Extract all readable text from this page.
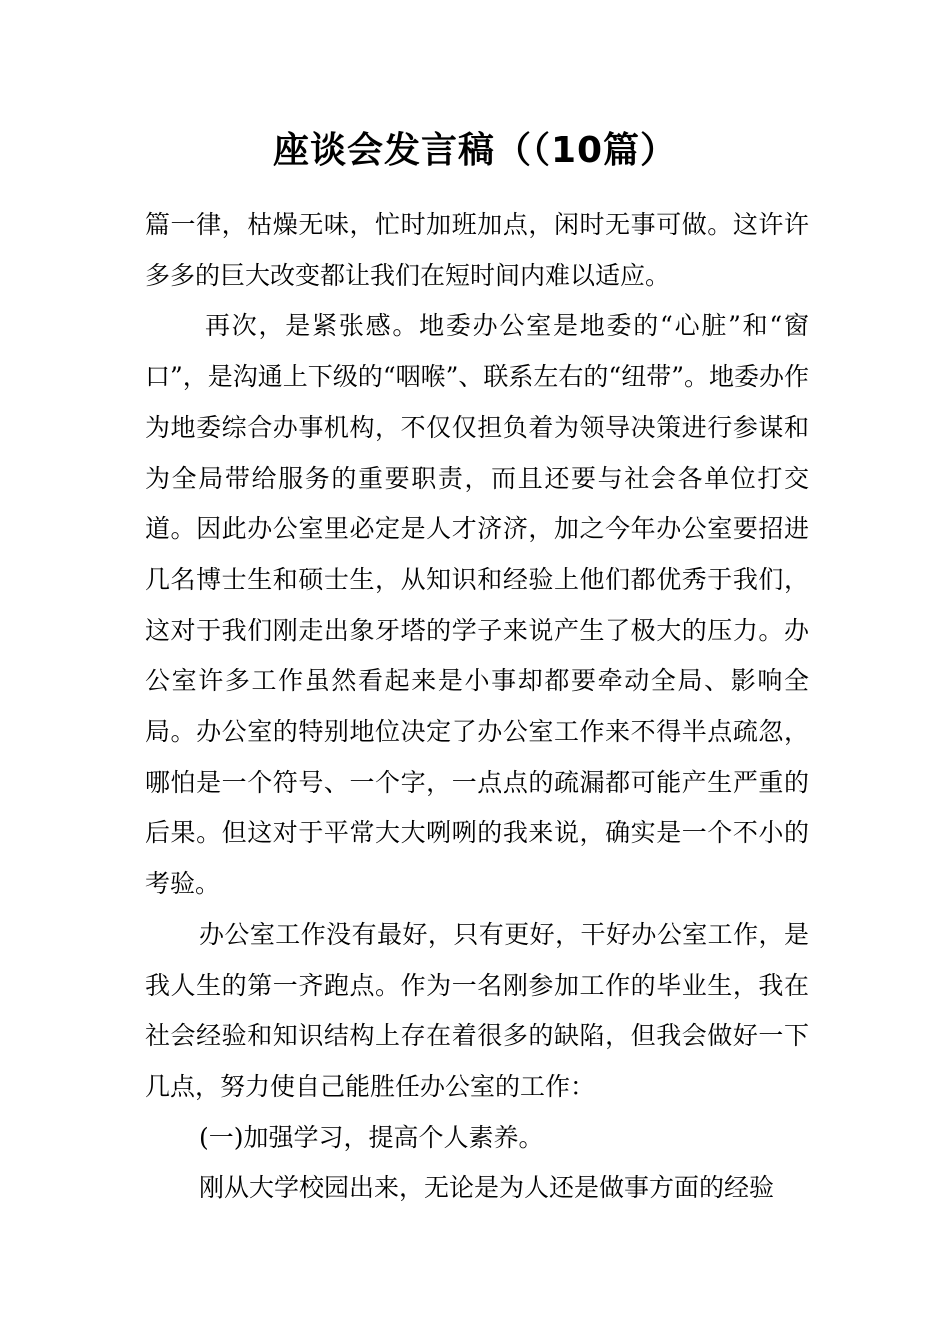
座谈会发言稿（（10篇）

篇一律，枯燥无味，忙时加班加点，闲时无事可做。这许许多多的巨大改变都让我们在短时间内难以适应。

再次，是紧张感。地委办公室是地委的“心脏”和“窗口”，是沟通上下级的“咽喉”、联系左右的“纽带”。地委办作为地委综合办事机构，不仅仅担负着为领导决策进行参谋和为全局带给服务的重要职责，而且还要与社会各单位打交道。因此办公室里必定是人才济济，加之今年办公室要招进几名博士生和硕士生，从知识和经验上他们都优秀于我们，这对于我们刚走出象牙塔的学子来说产生了极大的压力。办公室许多工作虽然看起来是小事却都要牵动全局、影响全局。办公室的特别地位决定了办公室工作来不得半点疏忽，哪怕是一个符号、一个字，一点点的疏漏都可能产生严重的后果。但这对于平常大大咧咧的我来说，确实是一个不小的考验。

办公室工作没有最好，只有更好，干好办公室工作，是我人生的第一齐跑点。作为一名刚参加工作的毕业生，我在社会经验和知识结构上存在着很多的缺陷，但我会做好一下几点，努力使自己能胜任办公室的工作：

(一)加强学习，提高个人素养。

刚从大学校园出来，无论是为人还是做事方面的经验
